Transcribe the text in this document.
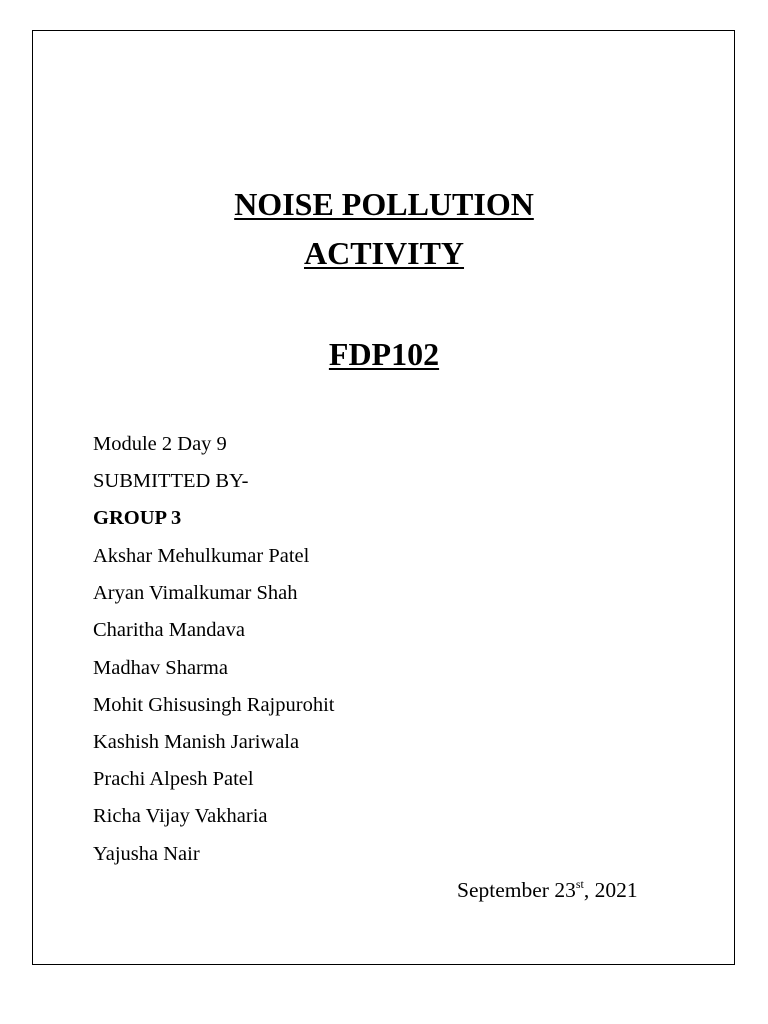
NOISE POLLUTION
ACTIVITY
FDP102
Module 2 Day 9
SUBMITTED BY-
GROUP 3
Akshar Mehulkumar Patel
Aryan Vimalkumar Shah
Charitha Mandava
Madhav Sharma
Mohit Ghisusingh Rajpurohit
Kashish Manish Jariwala
Prachi Alpesh Patel
Richa Vijay Vakharia
Yajusha Nair
September 23st, 2021
